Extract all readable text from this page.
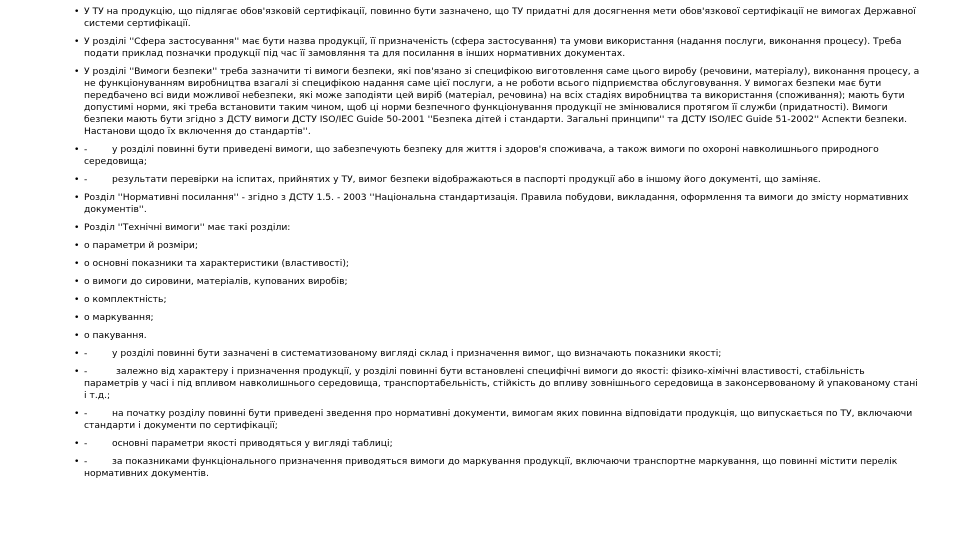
• У ТУ на продукцію, що підлягає обов'язковій сертифікації, повинно бути зазначено, що ТУ придатні для досягнення мети обов'язкової сертифікації не вимогах Державної системи сертифікації.
• У розділі ''Сфера застосування'' має бути назва продукції, її призначеність (сфера застосування) та умови використання (надання послуги, виконання процесу). Треба подати приклад позначки продукції під час її замовляння та для посилання в інших нормативних документах.
• У розділі ''Вимоги безпеки'' треба зазначити ті вимоги безпеки, які пов'язано зі специфікою виготовлення саме цього виробу (речовини, матеріалу), виконання процесу, а не функціонуванням виробництва взагалі зі специфікою надання саме цієї послуги, а не роботи всього підприємства обслуговування. У вимогах безпеки має бути передбачено всі види можливої небезпеки, які може заподіяти цей виріб (матеріал, речовина) на всіх стадіях виробництва та використання (споживання); мають бути допустимі норми, які треба встановити таким чином, щоб ці норми безпечного функціонування продукції не змінювалися протягом її служби (придатності). Вимоги безпеки мають бути згідно з ДСТУ вимоги ДСТУ ISO/IEC Guide 50-2001 ''Безпека дітей і стандарти. Загальні принципи'' та ДСТУ ISO/IEC Guide 51-2002'' Аспекти безпеки. Настанови щодо їх включення до стандартів''.
• -	у розділі повинні бути приведені вимоги, що забезпечують безпеку для життя і здоров'я споживача, а також вимоги по охороні навколишнього природного середовища;
• -	результати перевірки на іспитах, прийнятих у ТУ, вимог безпеки відображаються в паспорті продукції або в іншому його документі, що заміняє.
• Розділ ''Нормативні посилання'' - згідно з ДСТУ 1.5. - 2003 ''Національна стандартизація. Правила побудови, викладання, оформлення та вимоги до змісту нормативних документів''.
• Розділ ''Технічні вимоги'' має такі розділи:
• о параметри й розміри;
• о основні показники та характеристики (властивості);
• о вимоги до сировини, матеріалів, купованих виробів;
• о комплектність;
• о маркування;
• о пакування.
• -	у розділі повинні бути зазначені в систематизованому вигляді склад і призначення вимог, що визначають показники якості;
• -	залежно від характеру і призначення продукції, у розділі повинні бути встановлені специфічні вимоги до якості: фізико-хімічні властивості, стабільність параметрів у часі і під впливом навколишнього середовища, транспортабельність, стійкість до впливу зовнішнього середовища в законсервованому й упакованому стані і т.д.;
• -	на початку розділу повинні бути приведені зведення про нормативні документи, вимогам яких повинна відповідати продукція, що випускається по ТУ, включаючи стандарти і документи по сертифікації;
• -	основні параметри якості приводяться у вигляді таблиці;
• -	за показниками функціонального призначення приводяться вимоги до маркування продукції, включаючи транспортне маркування, що повинні містити перелік нормативних документів.
